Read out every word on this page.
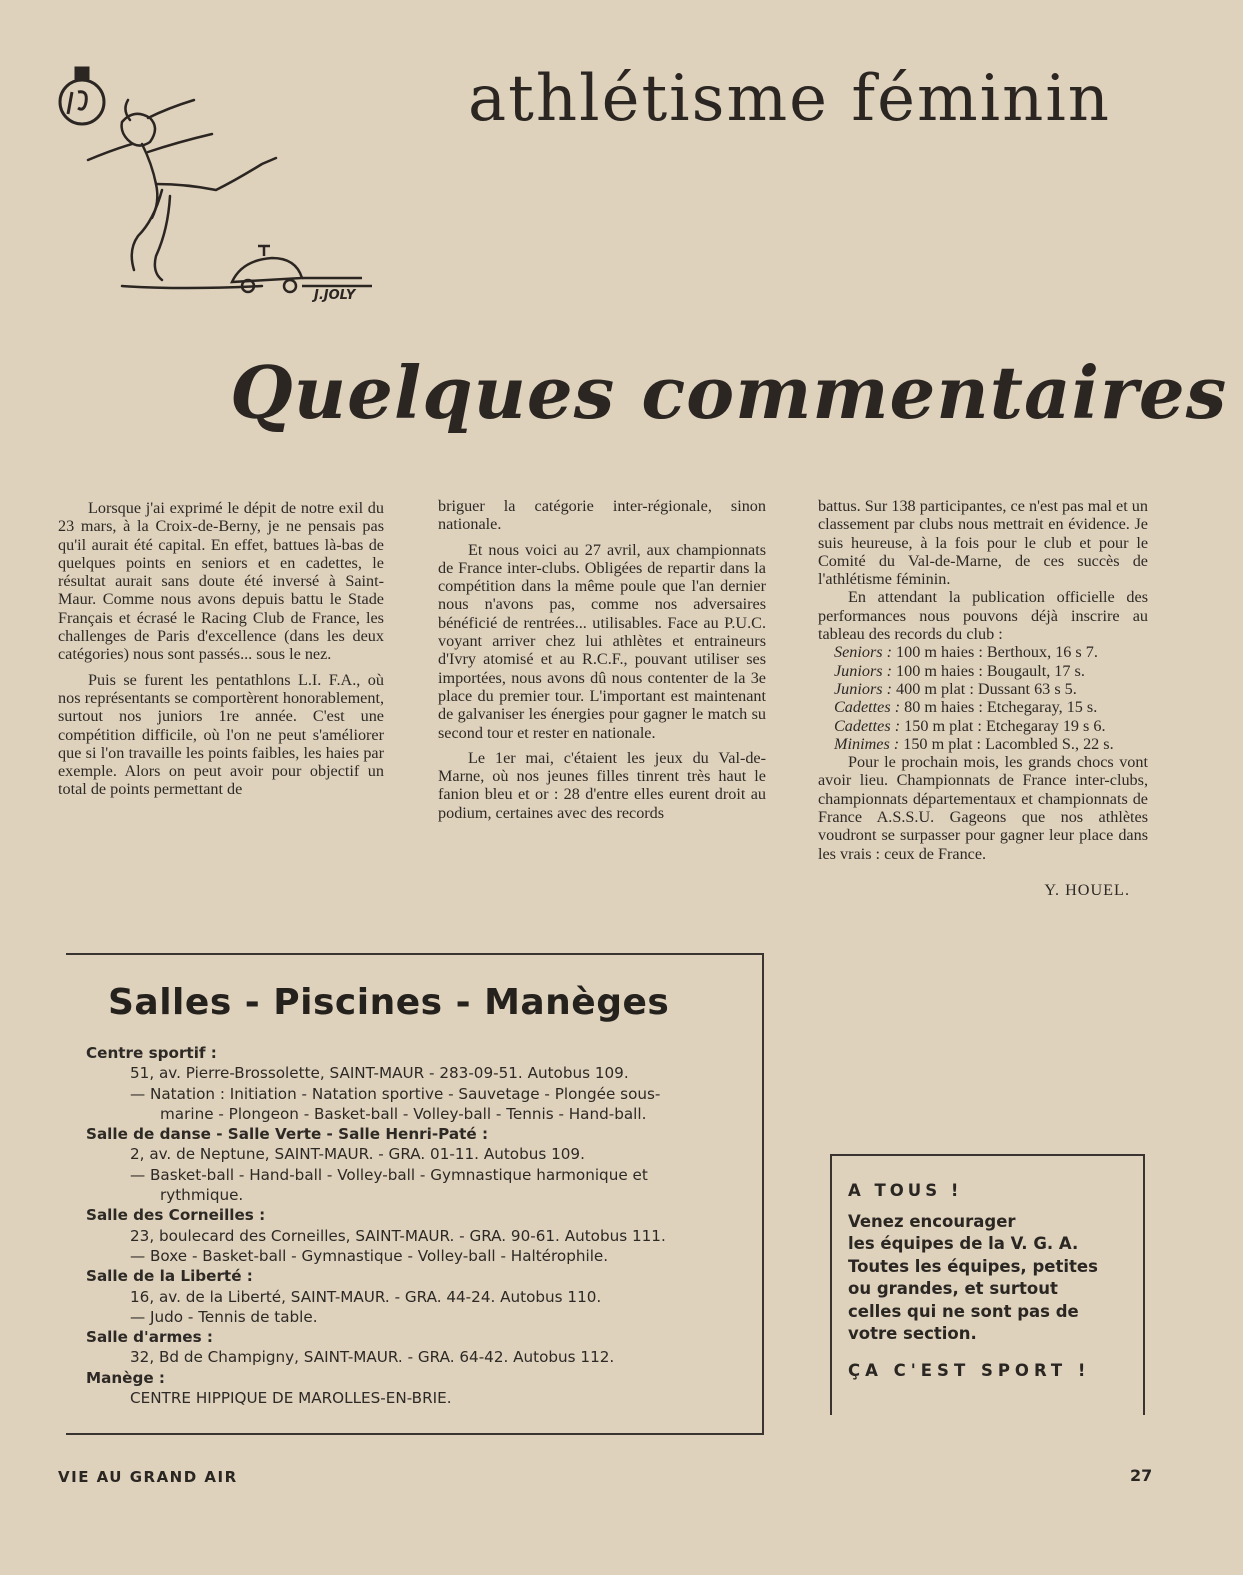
athlétisme féminin
J.JOLY
Quelques commentaires

Lorsque j'ai exprimé le dépit de notre exil du 23 mars, à la Croix-de-Berny, je ne pensais pas qu'il aurait été capital. En effet, battues là-bas de quelques points en seniors et en cadettes, le résultat aurait sans doute été inversé à Saint-Maur. Comme nous avons depuis battu le Stade Français et écrasé le Racing Club de France, les challenges de Paris d'excellence (dans les deux catégories) nous sont passés... sous le nez.

Puis se furent les pentathlons L.I. F.A., où nos représentants se comportèrent honorablement, surtout nos juniors 1re année. C'est une compétition difficile, où l'on ne peut s'améliorer que si l'on travaille les points faibles, les haies par exemple. Alors on peut avoir pour objectif un total de points permettant de

briguer la catégorie inter-régionale, sinon nationale.

Et nous voici au 27 avril, aux championnats de France inter-clubs. Obligées de repartir dans la compétition dans la même poule que l'an dernier nous n'avons pas, comme nos adversaires bénéficié de rentrées... utilisables. Face au P.U.C. voyant arriver chez lui athlètes et entraineurs d'Ivry atomisé et au R.C.F., pouvant utiliser ses importées, nous avons dû nous contenter de la 3e place du premier tour. L'important est maintenant de galvaniser les énergies pour gagner le match su second tour et rester en nationale.

Le 1er mai, c'étaient les jeux du Val-de-Marne, où nos jeunes filles tinrent très haut le fanion bleu et or : 28 d'entre elles eurent droit au podium, certaines avec des records

battus. Sur 138 participantes, ce n'est pas mal et un classement par clubs nous mettrait en évidence. Je suis heureuse, à la fois pour le club et pour le Comité du Val-de-Marne, de ces succès de l'athlétisme féminin.

En attendant la publication officielle des performances nous pouvons déjà inscrire au tableau des records du club :

Seniors : 100 m haies : Berthoux, 16 s 7.
Juniors : 100 m haies : Bougault, 17 s.
Juniors : 400 m plat : Dussant 63 s 5.
Cadettes : 80 m haies : Etchegaray, 15 s.
Cadettes : 150 m plat : Etchegaray 19 s 6.
Minimes : 150 m plat : Lacombled S., 22 s.

Pour le prochain mois, les grands chocs vont avoir lieu. Championnats de France inter-clubs, championnats départementaux et championnats de France A.S.S.U. Gageons que nos athlètes voudront se surpasser pour gagner leur place dans les vrais : ceux de France.

Y. HOUEL.
Salles - Piscines - Manèges
Centre sportif :
51, av. Pierre-Brossolette, SAINT-MAUR - 283-09-51. Autobus 109.
— Natation : Initiation - Natation sportive - Sauvetage - Plongée sous-
marine - Plongeon - Basket-ball - Volley-ball - Tennis - Hand-ball.
Salle de danse - Salle Verte - Salle Henri-Paté :
2, av. de Neptune, SAINT-MAUR. - GRA. 01-11. Autobus 109.
— Basket-ball - Hand-ball - Volley-ball - Gymnastique harmonique et
rythmique.
Salle des Corneilles :
23, boulecard des Corneilles, SAINT-MAUR. - GRA. 90-61. Autobus 111.
— Boxe - Basket-ball - Gymnastique - Volley-ball - Haltérophile.
Salle de la Liberté :
16, av. de la Liberté, SAINT-MAUR. - GRA. 44-24. Autobus 110.
— Judo - Tennis de table.
Salle d'armes :
32, Bd de Champigny, SAINT-MAUR. - GRA. 64-42. Autobus 112.
Manège :
CENTRE HIPPIQUE DE MAROLLES-EN-BRIE.
A TOUS !
Venez encourager
les équipes de la V. G. A.
Toutes les équipes, petites
ou grandes, et surtout
celles qui ne sont pas de
votre section.
ÇA C'EST SPORT !
VIE AU GRAND AIR	27
